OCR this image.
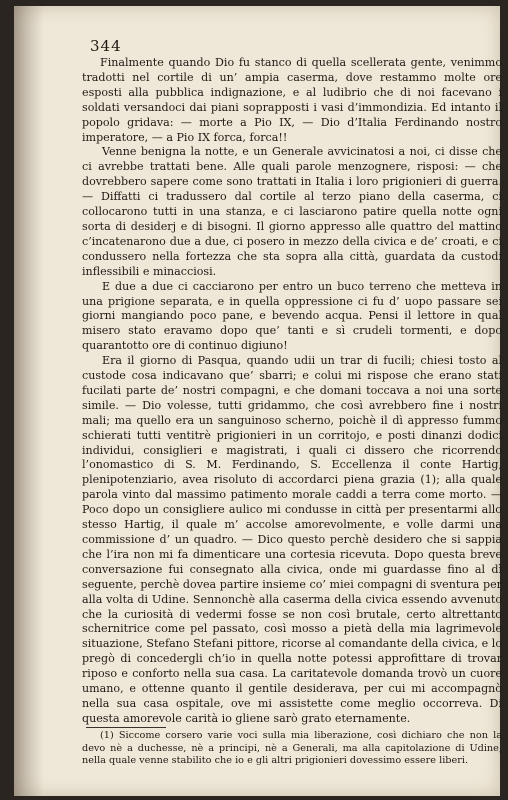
344

Finalmente quando Dio fu stanco di quella scellerata gente, venimmo tradotti nel cortile di un’ ampia caserma, dove restammo molte ore esposti alla pubblica indignazione, e al ludibrio che di noi facevano i soldati versandoci dai piani soprapposti i vasi d’immondizia. Ed intanto il popolo gridava: — morte a Pio IX, — Dio d’Italia Ferdinando nostro imperatore, — a Pio IX forca, forca!!

Venne benigna la notte, e un Generale avvicinatosi a noi, ci disse che ci avrebbe trattati bene. Alle quali parole menzognere, risposi: — che dovrebbero sapere come sono trattati in Italia i loro prigionieri di guerra. — Diffatti ci tradussero dal cortile al terzo piano della caserma, ci collocarono tutti in una stanza, e ci lasciarono patire quella notte ogni sorta di desiderj e di bisogni. Il giorno appresso alle quattro del mattino c’incatenarono due a due, ci posero in mezzo della civica e de’ croati, e ci condussero nella fortezza che sta sopra alla città, guardata da custodi inflessibili e minacciosi.

E due a due ci cacciarono per entro un buco terreno che metteva in una prigione separata, e in quella oppressione ci fu d’ uopo passare sei giorni mangiando poco pane, e bevendo acqua. Pensi il lettore in qual misero stato eravamo dopo que’ tanti e sì crudeli tormenti, e dopo quarantotto ore di continuo digiuno!

Era il giorno di Pasqua, quando udii un trar di fucili; chiesi tosto al custode cosa indicavano que’ sbarri; e colui mi rispose che erano stati fucilati parte de’ nostri compagni, e che domani toccava a noi una sorte simile. — Dio volesse, tutti gridammo, che così avrebbero fine i nostri mali; ma quello era un sanguinoso scherno, poichè il dì appresso fummo schierati tutti ventitrè prigionieri in un corritojo, e posti dinanzi dodici individui, consiglieri e magistrati, i quali ci dissero che ricorrendo l’onomastico di S. M. Ferdinando, S. Eccellenza il conte Hartig, plenipotenziario, avea risoluto di accordarci piena grazia (1); alla quale parola vinto dal massimo patimento morale caddi a terra come morto. — Poco dopo un consigliere aulico mi condusse in città per presentarmi allo stesso Hartig, il quale m’ accolse amorevolmente, e volle darmi una commissione d’ un quadro. — Dico questo perchè desidero che si sappia che l’ira non mi fa dimenticare una cortesia ricevuta. Dopo questa breve conversazione fui consegnato alla civica, onde mi guardasse fino al dì seguente, perchè dovea partire insieme co’ miei compagni di sventura per alla volta di Udine. Sennonchè alla caserma della civica essendo avvenuto che la curiosità di vedermi fosse se non così brutale, certo altrettanto schernitrice come pel passato, così mosso a pietà della mia lagrimevole situazione, Stefano Stefani pittore, ricorse al comandante della civica, e lo pregò di concedergli ch’io in quella notte potessi approfittare di trovar riposo e conforto nella sua casa. La caritatevole domanda trovò un cuore umano, e ottenne quanto il gentile desiderava, per cui mi accompagnò nella sua casa ospitale, ove mi assistette come meglio occorreva. Di questa amorevole carità io gliene sarò grato eternamente.

(1) Siccome corsero varie voci sulla mia liberazione, così dichiaro che non la devo nè a duchesse, nè a principi, nè a Generali, ma alla capitolazione di Udine, nella quale venne stabilito che io e gli altri prigionieri dovessimo essere liberi.
